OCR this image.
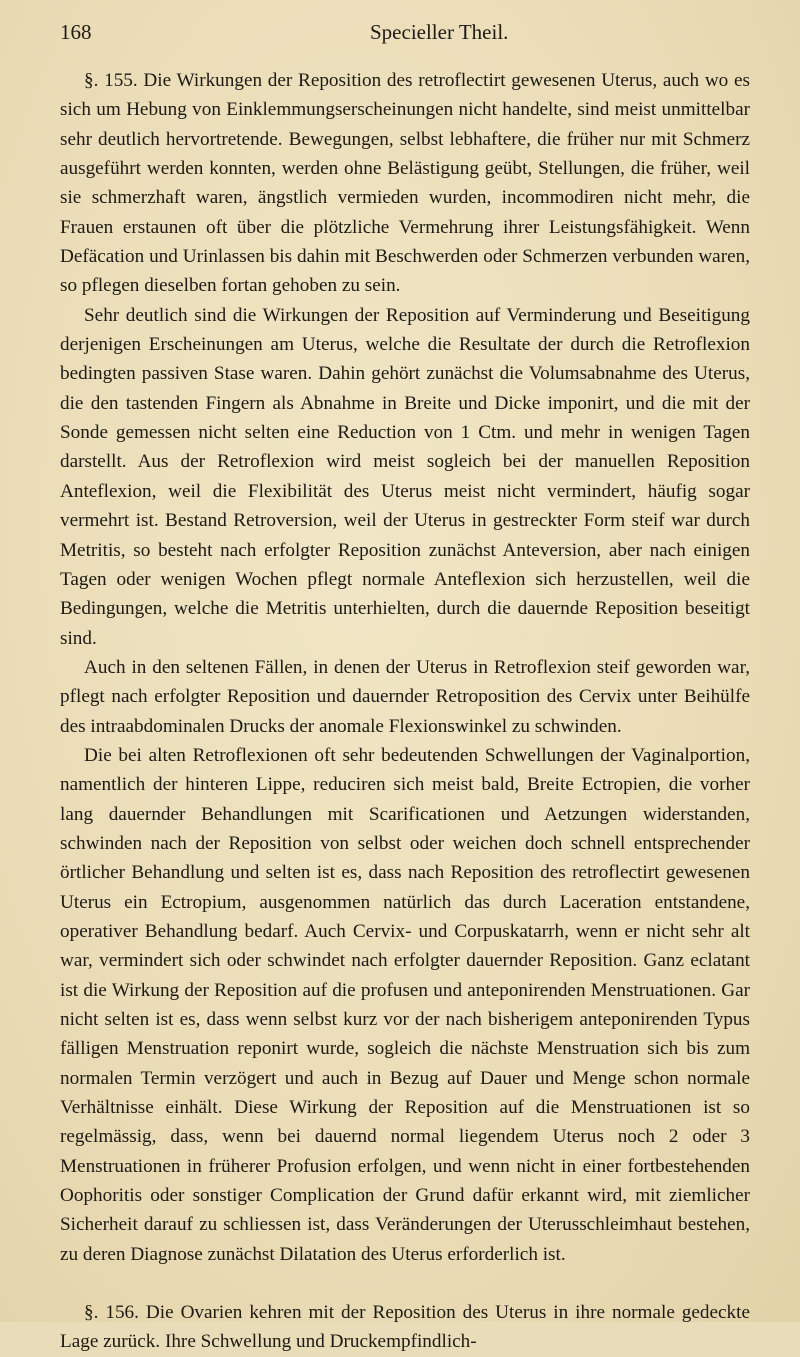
168	Specieller Theil.

§. 155. Die Wirkungen der Reposition des retroflectirt gewesenen Uterus, auch wo es sich um Hebung von Einklemmungserscheinungen nicht handelte, sind meist unmittelbar sehr deutlich hervortretende. Bewegungen, selbst lebhaftere, die früher nur mit Schmerz ausgeführt werden konnten, werden ohne Belästigung geübt, Stellungen, die früher, weil sie schmerzhaft waren, ängstlich vermieden wurden, incommodiren nicht mehr, die Frauen erstaunen oft über die plötzliche Vermehrung ihrer Leistungsfähigkeit. Wenn Defäcation und Urinlassen bis dahin mit Beschwerden oder Schmerzen verbunden waren, so pflegen dieselben fortan gehoben zu sein.

Sehr deutlich sind die Wirkungen der Reposition auf Verminderung und Beseitigung derjenigen Erscheinungen am Uterus, welche die Resultate der durch die Retroflexion bedingten passiven Stase waren. Dahin gehört zunächst die Volumsabnahme des Uterus, die den tastenden Fingern als Abnahme in Breite und Dicke imponirt, und die mit der Sonde gemessen nicht selten eine Reduction von 1 Ctm. und mehr in wenigen Tagen darstellt. Aus der Retroflexion wird meist sogleich bei der manuellen Reposition Anteflexion, weil die Flexibilität des Uterus meist nicht vermindert, häufig sogar vermehrt ist. Bestand Retroversion, weil der Uterus in gestreckter Form steif war durch Metritis, so besteht nach erfolgter Reposition zunächst Anteversion, aber nach einigen Tagen oder wenigen Wochen pflegt normale Anteflexion sich herzustellen, weil die Bedingungen, welche die Metritis unterhielten, durch die dauernde Reposition beseitigt sind.

Auch in den seltenen Fällen, in denen der Uterus in Retroflexion steif geworden war, pflegt nach erfolgter Reposition und dauernder Retroposition des Cervix unter Beihülfe des intraabdominalen Drucks der anomale Flexionswinkel zu schwinden.

Die bei alten Retroflexionen oft sehr bedeutenden Schwellungen der Vaginalportion, namentlich der hinteren Lippe, reduciren sich meist bald, Breite Ectropien, die vorher lang dauernder Behandlungen mit Scarificationen und Aetzungen widerstanden, schwinden nach der Reposition von selbst oder weichen doch schnell entsprechender örtlicher Behandlung und selten ist es, dass nach Reposition des retroflectirt gewesenen Uterus ein Ectropium, ausgenommen natürlich das durch Laceration entstandene, operativer Behandlung bedarf. Auch Cervix- und Corpuskatarrh, wenn er nicht sehr alt war, vermindert sich oder schwindet nach erfolgter dauernder Reposition. Ganz eclatant ist die Wirkung der Reposition auf die profusen und anteponirenden Menstruationen. Gar nicht selten ist es, dass wenn selbst kurz vor der nach bisherigem anteponirenden Typus fälligen Menstruation reponirt wurde, sogleich die nächste Menstruation sich bis zum normalen Termin verzögert und auch in Bezug auf Dauer und Menge schon normale Verhältnisse einhält. Diese Wirkung der Reposition auf die Menstruationen ist so regelmässig, dass, wenn bei dauernd normal liegendem Uterus noch 2 oder 3 Menstruationen in früherer Profusion erfolgen, und wenn nicht in einer fortbestehenden Oophoritis oder sonstiger Complication der Grund dafür erkannt wird, mit ziemlicher Sicherheit darauf zu schliessen ist, dass Veränderungen der Uterusschleimhaut bestehen, zu deren Diagnose zunächst Dilatation des Uterus erforderlich ist.

§. 156. Die Ovarien kehren mit der Reposition des Uterus in ihre normale gedeckte Lage zurück. Ihre Schwellung und Druckempfindlich-
